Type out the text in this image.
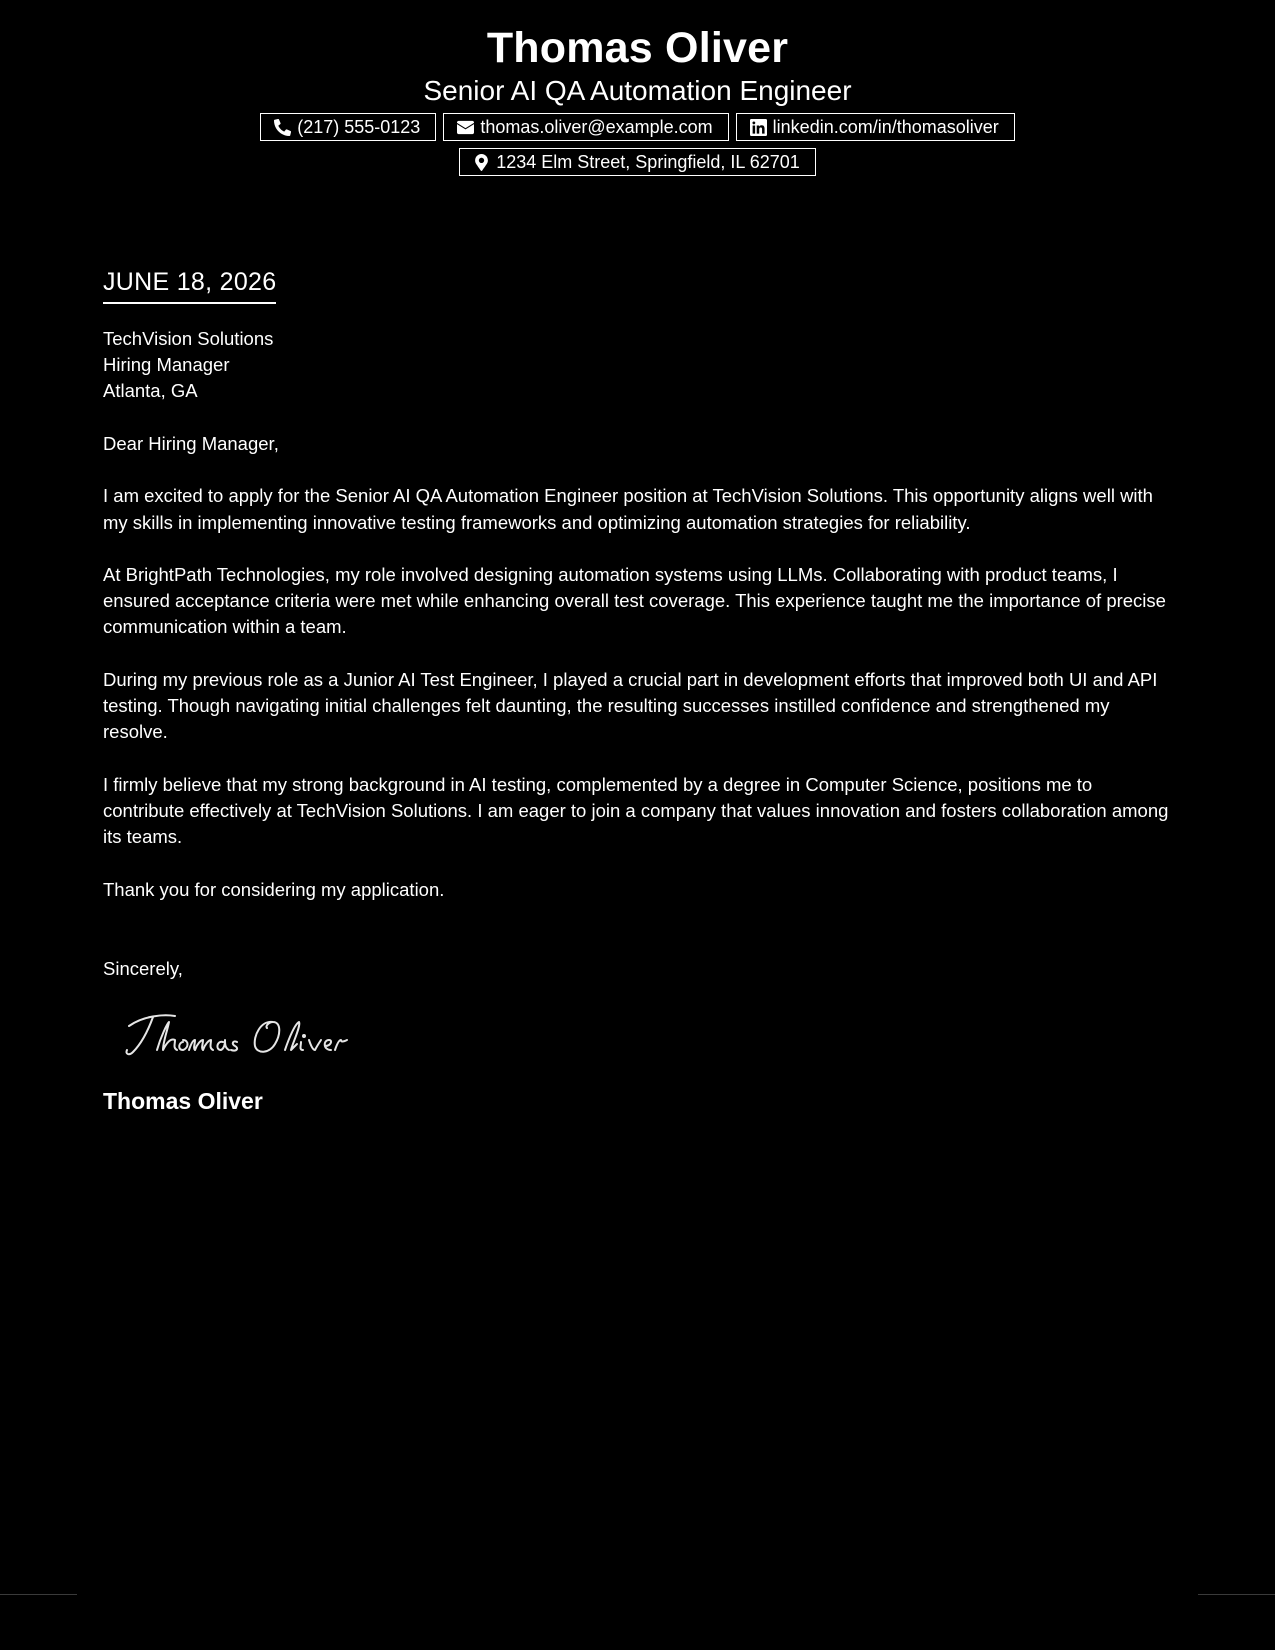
Thomas Oliver
Senior AI QA Automation Engineer
(217) 555-0123	thomas.oliver@example.com	linkedin.com/in/thomasoliver
1234 Elm Street, Springfield, IL 62701
JUNE 18, 2026
TechVision Solutions
Hiring Manager
Atlanta, GA
Dear Hiring Manager,

I am excited to apply for the Senior AI QA Automation Engineer position at TechVision Solutions. This opportunity aligns well with my skills in implementing innovative testing frameworks and optimizing automation strategies for reliability.

At BrightPath Technologies, my role involved designing automation systems using LLMs. Collaborating with product teams, I ensured acceptance criteria were met while enhancing overall test coverage. This experience taught me the importance of precise communication within a team.

During my previous role as a Junior AI Test Engineer, I played a crucial part in development efforts that improved both UI and API testing. Though navigating initial challenges felt daunting, the resulting successes instilled confidence and strengthened my resolve.

I firmly believe that my strong background in AI testing, complemented by a degree in Computer Science, positions me to contribute effectively at TechVision Solutions. I am eager to join a company that values innovation and fosters collaboration among its teams.

Thank you for considering my application.

Sincerely,
Thomas Oliver
